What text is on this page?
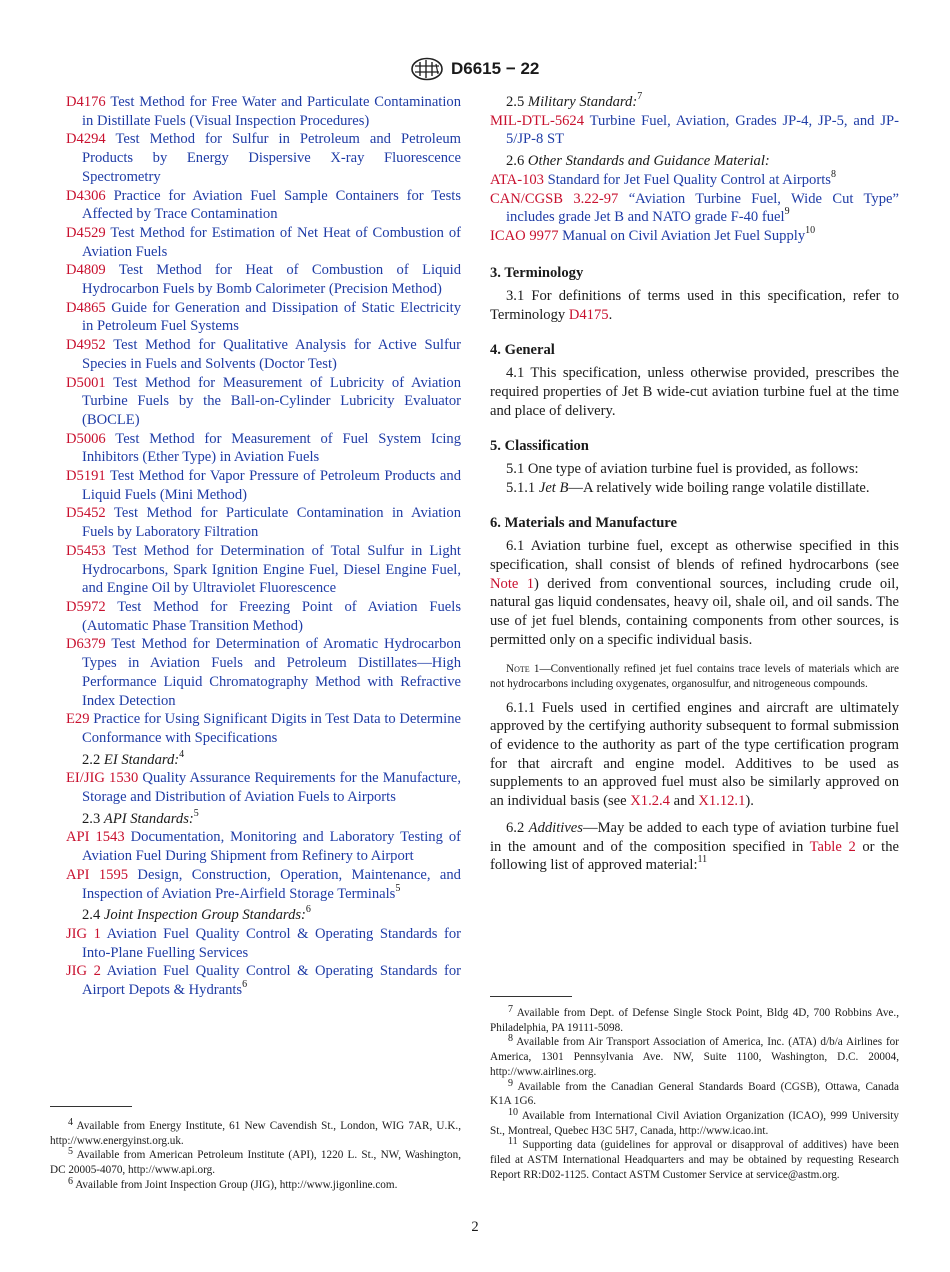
D6615 − 22
D4176 Test Method for Free Water and Particulate Contamination in Distillate Fuels (Visual Inspection Procedures)
D4294 Test Method for Sulfur in Petroleum and Petroleum Products by Energy Dispersive X-ray Fluorescence Spectrometry
D4306 Practice for Aviation Fuel Sample Containers for Tests Affected by Trace Contamination
D4529 Test Method for Estimation of Net Heat of Combustion of Aviation Fuels
D4809 Test Method for Heat of Combustion of Liquid Hydrocarbon Fuels by Bomb Calorimeter (Precision Method)
D4865 Guide for Generation and Dissipation of Static Electricity in Petroleum Fuel Systems
D4952 Test Method for Qualitative Analysis for Active Sulfur Species in Fuels and Solvents (Doctor Test)
D5001 Test Method for Measurement of Lubricity of Aviation Turbine Fuels by the Ball-on-Cylinder Lubricity Evaluator (BOCLE)
D5006 Test Method for Measurement of Fuel System Icing Inhibitors (Ether Type) in Aviation Fuels
D5191 Test Method for Vapor Pressure of Petroleum Products and Liquid Fuels (Mini Method)
D5452 Test Method for Particulate Contamination in Aviation Fuels by Laboratory Filtration
D5453 Test Method for Determination of Total Sulfur in Light Hydrocarbons, Spark Ignition Engine Fuel, Diesel Engine Fuel, and Engine Oil by Ultraviolet Fluorescence
D5972 Test Method for Freezing Point of Aviation Fuels (Automatic Phase Transition Method)
D6379 Test Method for Determination of Aromatic Hydrocarbon Types in Aviation Fuels and Petroleum Distillates—High Performance Liquid Chromatography Method with Refractive Index Detection
E29 Practice for Using Significant Digits in Test Data to Determine Conformance with Specifications
2.2 EI Standard:$^4$
EI/JIG 1530 Quality Assurance Requirements for the Manufacture, Storage and Distribution of Aviation Fuels to Airports
2.3 API Standards:$^5$
API 1543 Documentation, Monitoring and Laboratory Testing of Aviation Fuel During Shipment from Refinery to Airport
API 1595 Design, Construction, Operation, Maintenance, and Inspection of Aviation Pre-Airfield Storage Terminals$^5$
2.4 Joint Inspection Group Standards:$^6$
JIG 1 Aviation Fuel Quality Control & Operating Standards for Into-Plane Fuelling Services
JIG 2 Aviation Fuel Quality Control & Operating Standards for Airport Depots & Hydrants$^6$
2.5 Military Standard:$^7$
MIL-DTL-5624 Turbine Fuel, Aviation, Grades JP-4, JP-5, and JP-5/JP-8 ST
2.6 Other Standards and Guidance Material:
ATA-103 Standard for Jet Fuel Quality Control at Airports$^8$
CAN/CGSB 3.22-97 “Aviation Turbine Fuel, Wide Cut Type” includes grade Jet B and NATO grade F-40 fuel$^9$
ICAO 9977 Manual on Civil Aviation Jet Fuel Supply$^{10}$
3. Terminology
3.1 For definitions of terms used in this specification, refer to Terminology D4175.
4. General
4.1 This specification, unless otherwise provided, prescribes the required properties of Jet B wide-cut aviation turbine fuel at the time and place of delivery.
5. Classification
5.1 One type of aviation turbine fuel is provided, as follows:
5.1.1 Jet B—A relatively wide boiling range volatile distillate.
6. Materials and Manufacture
6.1 Aviation turbine fuel, except as otherwise specified in this specification, shall consist of blends of refined hydrocarbons (see Note 1) derived from conventional sources, including crude oil, natural gas liquid condensates, heavy oil, shale oil, and oil sands. The use of jet fuel blends, containing components from other sources, is permitted only on a specific individual basis.
Note 1—Conventionally refined jet fuel contains trace levels of materials which are not hydrocarbons including oxygenates, organosulfur, and nitrogeneous compounds.
6.1.1 Fuels used in certified engines and aircraft are ultimately approved by the certifying authority subsequent to formal submission of evidence to the authority as part of the type certification program for that aircraft and engine model. Additives to be used as supplements to an approved fuel must also be similarly approved on an individual basis (see X1.2.4 and X1.12.1).
6.2 Additives—May be added to each type of aviation turbine fuel in the amount and of the composition specified in Table 2 or the following list of approved material:$^{11}$
4 Available from Energy Institute, 61 New Cavendish St., London, WIG 7AR, U.K., http://www.energyinst.org.uk.
5 Available from American Petroleum Institute (API), 1220 L. St., NW, Washington, DC 20005-4070, http://www.api.org.
6 Available from Joint Inspection Group (JIG), http://www.jigonline.com.
7 Available from Dept. of Defense Single Stock Point, Bldg 4D, 700 Robbins Ave., Philadelphia, PA 19111-5098.
8 Available from Air Transport Association of America, Inc. (ATA) d/b/a Airlines for America, 1301 Pennsylvania Ave. NW, Suite 1100, Washington, D.C. 20004, http://www.airlines.org.
9 Available from the Canadian General Standards Board (CGSB), Ottawa, Canada K1A 1G6.
10 Available from International Civil Aviation Organization (ICAO), 999 University St., Montreal, Quebec H3C 5H7, Canada, http://www.icao.int.
11 Supporting data (guidelines for approval or disapproval of additives) have been filed at ASTM International Headquarters and may be obtained by requesting Research Report RR:D02-1125. Contact ASTM Customer Service at service@astm.org.
2
